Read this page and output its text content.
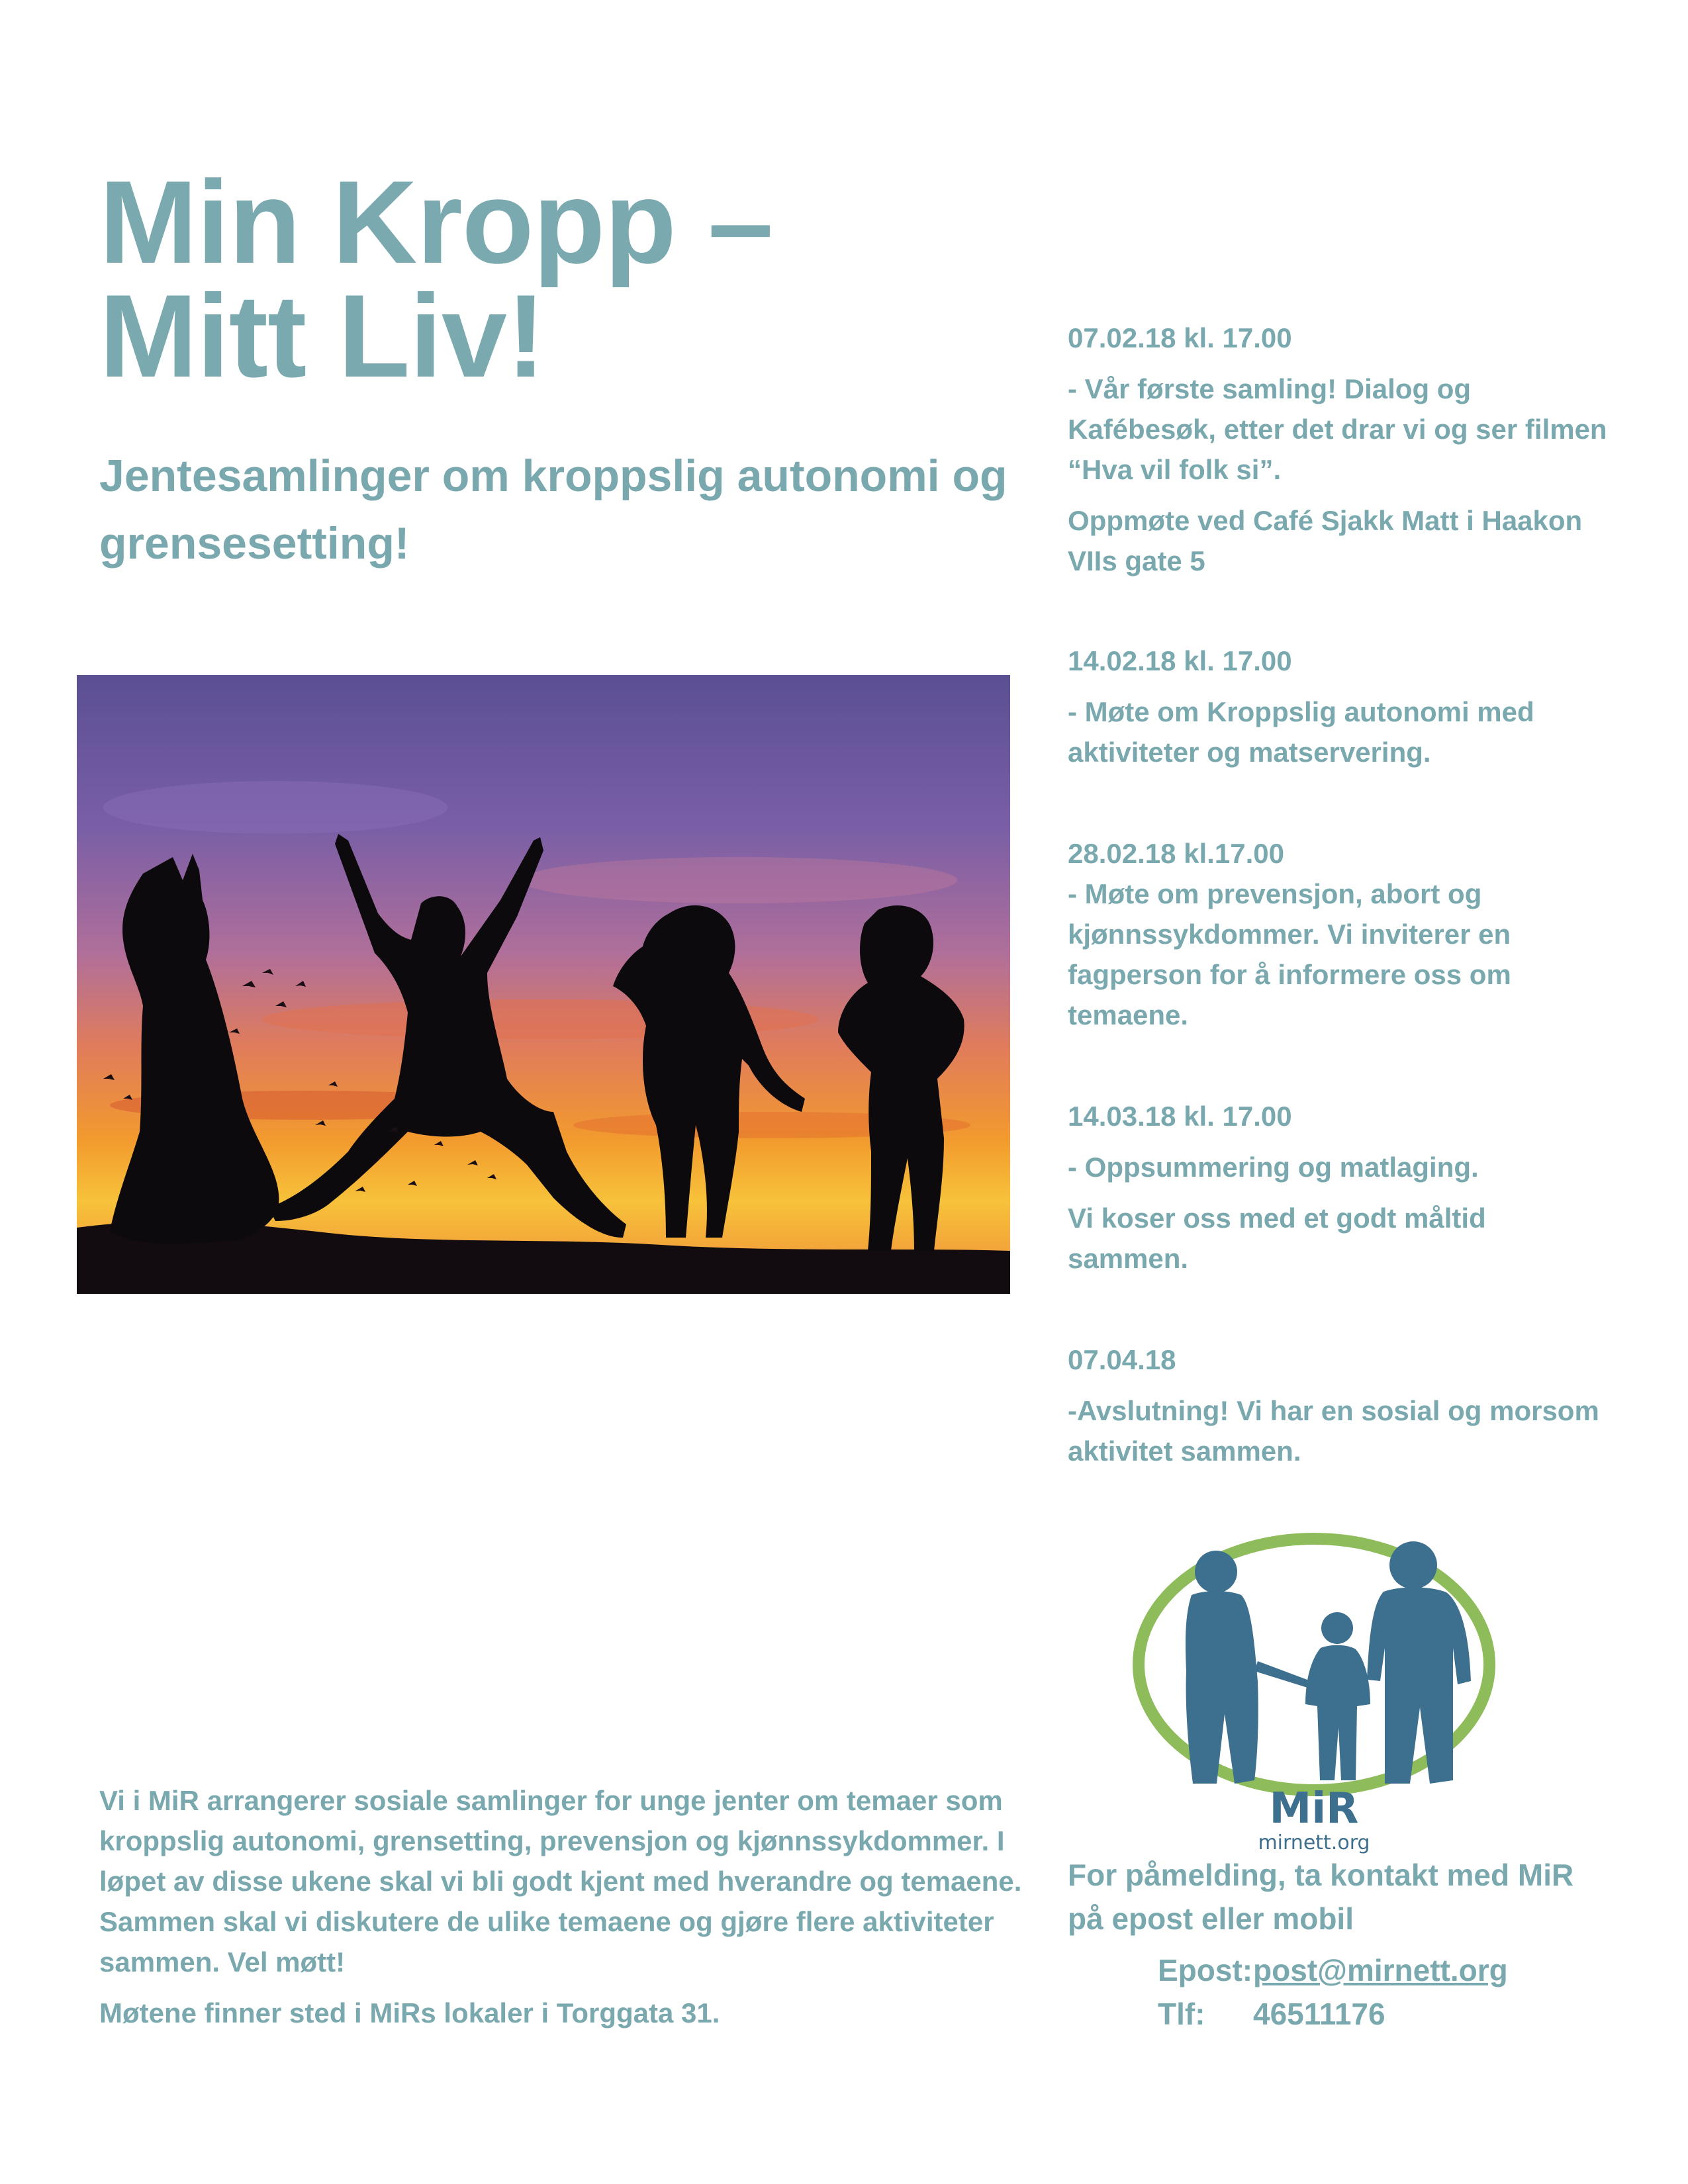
Min Kropp –
Mitt Liv!
Jentesamlinger om kroppslig autonomi og grensesetting!

07.02.18 kl. 17.00

- Vår første samling! Dialog og Kafébesøk, etter det drar vi og ser filmen “Hva vil folk si”.

Oppmøte ved Café Sjakk Matt i Haakon VIIs gate 5

14.02.18 kl. 17.00

- Møte om Kroppslig autonomi med aktiviteter og matservering.

28.02.18 kl.17.00

- Møte om prevensjon, abort og kjønnssykdommer. Vi inviterer en fagperson for å informere oss om temaene.

14.03.18 kl. 17.00

- Oppsummering og matlaging.

Vi koser oss med et godt måltid sammen.

07.04.18

-Avslutning! Vi har en sosial og morsom aktivitet sammen.

MiR
mirnett.org

Vi i MiR arrangerer sosiale samlinger for unge jenter om temaer som kroppslig autonomi, grensetting, prevensjon og kjønnssykdommer. I løpet av disse ukene skal vi bli godt kjent med hverandre og temaene. Sammen skal vi diskutere de ulike temaene og gjøre flere aktiviteter sammen. Vel møtt!

Møtene finner sted i MiRs lokaler i Torggata 31.

For påmelding, ta kontakt med MiR på epost eller mobil
Epost: post@mirnett.org
Tlf:	46511176
